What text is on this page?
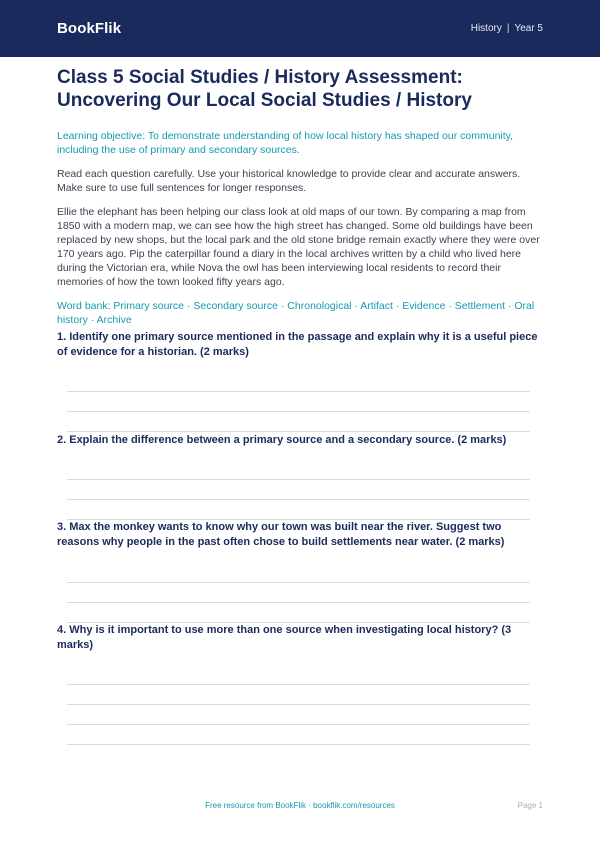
BookFlik	History | Year 5
Class 5 Social Studies / History Assessment: Uncovering Our Local Social Studies / History

Learning objective: To demonstrate understanding of how local history has shaped our community, including the use of primary and secondary sources.

Read each question carefully. Use your historical knowledge to provide clear and accurate answers. Make sure to use full sentences for longer responses.

Ellie the elephant has been helping our class look at old maps of our town. By comparing a map from 1850 with a modern map, we can see how the high street has changed. Some old buildings have been replaced by new shops, but the local park and the old stone bridge remain exactly where they were over 170 years ago. Pip the caterpillar found a diary in the local archives written by a child who lived here during the Victorian era, while Nova the owl has been interviewing local residents to record their memories of how the town looked fifty years ago.

Word bank: Primary source · Secondary source · Chronological · Artifact · Evidence · Settlement · Oral history · Archive

1. Identify one primary source mentioned in the passage and explain why it is a useful piece of evidence for a historian. (2 marks)

2. Explain the difference between a primary source and a secondary source. (2 marks)

3. Max the monkey wants to know why our town was built near the river. Suggest two reasons why people in the past often chose to build settlements near water. (2 marks)

4. Why is it important to use more than one source when investigating local history? (3 marks)

Free resource from BookFlik · bookflik.com/resources	Page 1
